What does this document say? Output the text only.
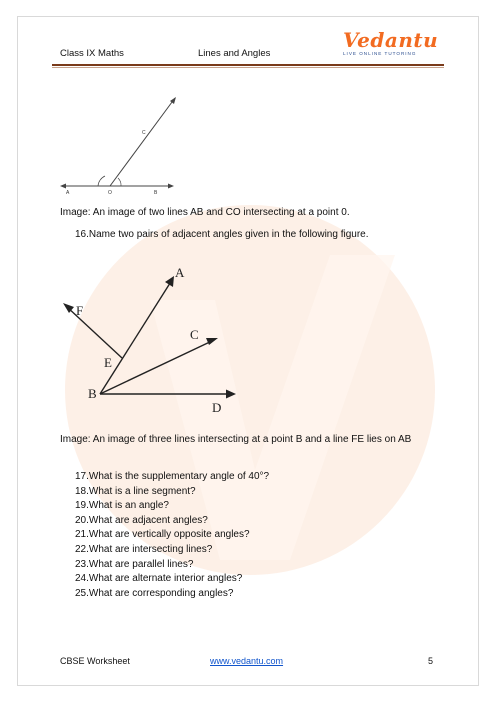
Class IX Maths	Lines and Angles
Vedantu
LIVE ONLINE TUTORING
A	O	B
C
Image: An image of two lines AB and CO intersecting at a point 0.
16.Name two pairs of adjacent angles given in the following figure.
A
F
C
E
B
D
Image: An image of three lines intersecting at a point B and a line FE lies on AB
17.What is the supplementary angle of 40°?
18.What is a line segment?
19.What is an angle?
20.What are adjacent angles?
21.What are vertically opposite angles?
22.What are intersecting lines?
23.What are parallel lines?
24.What are alternate interior angles?
25.What are corresponding angles?
CBSE Worksheet	www.vedantu.com	5
